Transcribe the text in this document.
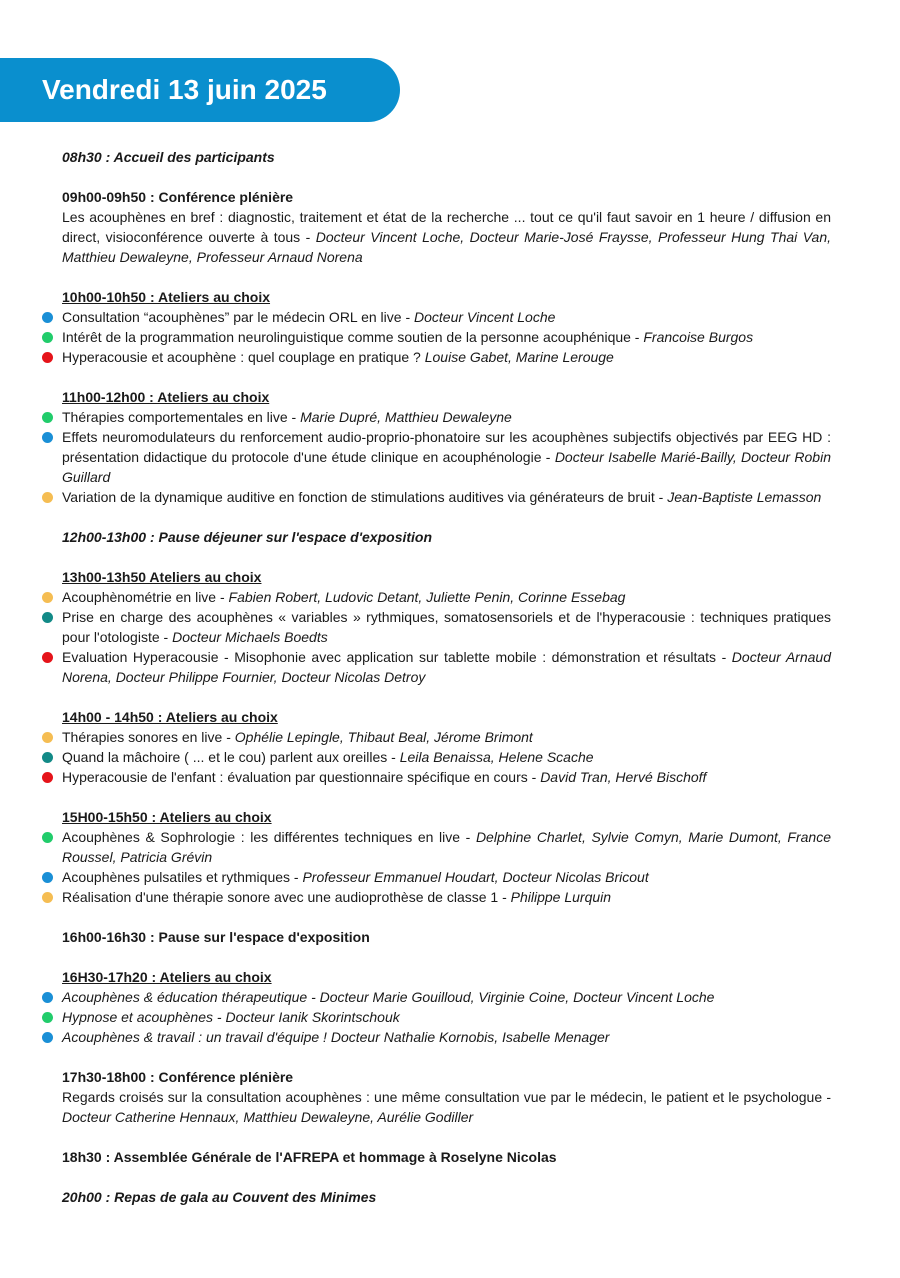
Vendredi 13 juin 2025
08h30 : Accueil des participants
09h00-09h50 : Conférence plénière
Les acouphènes en bref : diagnostic, traitement et état de la recherche ... tout ce qu'il faut savoir en 1 heure / diffusion en direct, visioconférence ouverte à tous - Docteur Vincent Loche, Docteur Marie-José Fraysse, Professeur Hung Thai Van, Matthieu Dewaleyne, Professeur Arnaud Norena
10h00-10h50 : Ateliers au choix
Consultation “acouphènes” par le médecin ORL en live - Docteur Vincent Loche
Intérêt de la programmation neurolinguistique comme soutien de la personne acouphénique - Francoise Burgos
Hyperacousie et acouphène : quel couplage en pratique ? Louise Gabet, Marine Lerouge
11h00-12h00 : Ateliers au choix
Thérapies comportementales en live - Marie Dupré, Matthieu Dewaleyne
Effets neuromodulateurs du renforcement audio-proprio-phonatoire sur les acouphènes subjectifs objectivés par EEG HD : présentation didactique du protocole d'une étude clinique en acouphénologie - Docteur Isabelle Marié-Bailly, Docteur Robin Guillard
Variation de la dynamique auditive en fonction de stimulations auditives via générateurs de bruit - Jean-Baptiste Lemasson
12h00-13h00 : Pause déjeuner sur l'espace d'exposition
13h00-13h50 Ateliers au choix
Acouphènométrie en live - Fabien Robert, Ludovic Detant, Juliette Penin, Corinne Essebag
Prise en charge des acouphènes « variables » rythmiques, somatosensoriels et de l'hyperacousie : techniques pratiques pour l'otologiste - Docteur Michaels Boedts
Evaluation Hyperacousie - Misophonie avec application sur tablette mobile : démonstration et résultats - Docteur Arnaud Norena, Docteur Philippe Fournier, Docteur Nicolas Detroy
14h00 - 14h50 : Ateliers au choix
Thérapies sonores en live - Ophélie Lepingle, Thibaut Beal, Jérome Brimont
Quand la mâchoire ( ... et le cou) parlent aux oreilles - Leila Benaissa, Helene Scache
Hyperacousie de l'enfant : évaluation par questionnaire spécifique en cours - David Tran, Hervé Bischoff
15H00-15h50 : Ateliers au choix
Acouphènes & Sophrologie : les différentes techniques en live - Delphine Charlet, Sylvie Comyn, Marie Dumont, France Roussel, Patricia Grévin
Acouphènes pulsatiles et rythmiques - Professeur Emmanuel Houdart, Docteur Nicolas Bricout
Réalisation d'une thérapie sonore avec une audioprothèse de classe 1 - Philippe Lurquin
16h00-16h30 : Pause sur l'espace d'exposition
16H30-17h20 : Ateliers au choix
Acouphènes & éducation thérapeutique - Docteur Marie Gouilloud, Virginie Coine, Docteur Vincent Loche
Hypnose et acouphènes - Docteur Ianik Skorintschouk
Acouphènes & travail : un travail d'équipe ! Docteur Nathalie Kornobis, Isabelle Menager
17h30-18h00 : Conférence plénière
Regards croisés sur la consultation acouphènes : une même consultation vue par le médecin, le patient et le psychologue - Docteur Catherine Hennaux, Matthieu Dewaleyne, Aurélie Godiller
18h30 : Assemblée Générale de l'AFREPA et hommage à Roselyne Nicolas
20h00 : Repas de gala au Couvent des Minimes
